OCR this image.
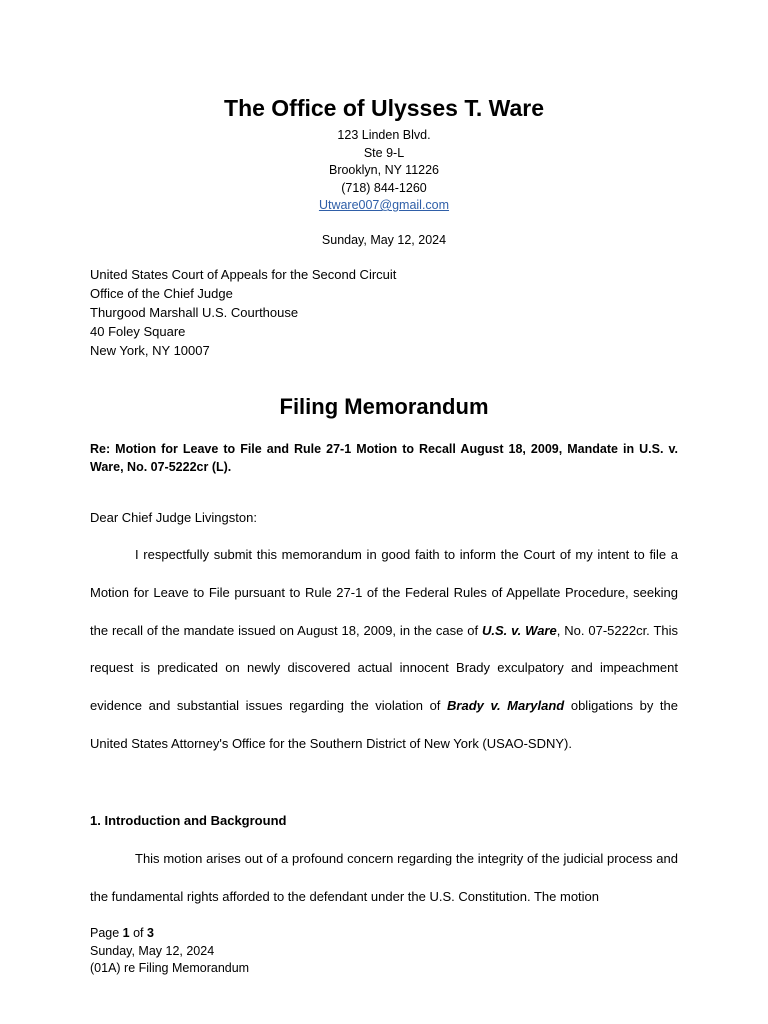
The Office of Ulysses T. Ware
123 Linden Blvd.
Ste 9-L
Brooklyn, NY 11226
(718) 844-1260
Utware007@gmail.com
Sunday, May 12, 2024
United States Court of Appeals for the Second Circuit
Office of the Chief Judge
Thurgood Marshall U.S. Courthouse
40 Foley Square
New York, NY 10007
Filing Memorandum
Re: Motion for Leave to File and Rule 27-1 Motion to Recall August 18, 2009, Mandate in U.S. v. Ware, No. 07-5222cr (L).
Dear Chief Judge Livingston:

I respectfully submit this memorandum in good faith to inform the Court of my intent to file a Motion for Leave to File pursuant to Rule 27-1 of the Federal Rules of Appellate Procedure, seeking the recall of the mandate issued on August 18, 2009, in the case of U.S. v. Ware, No. 07-5222cr. This request is predicated on newly discovered actual innocent Brady exculpatory and impeachment evidence and substantial issues regarding the violation of Brady v. Maryland obligations by the United States Attorney's Office for the Southern District of New York (USAO-SDNY).

1. Introduction and Background

This motion arises out of a profound concern regarding the integrity of the judicial process and the fundamental rights afforded to the defendant under the U.S. Constitution. The motion

Page 1 of 3
Sunday, May 12, 2024
(01A) re Filing Memorandum
